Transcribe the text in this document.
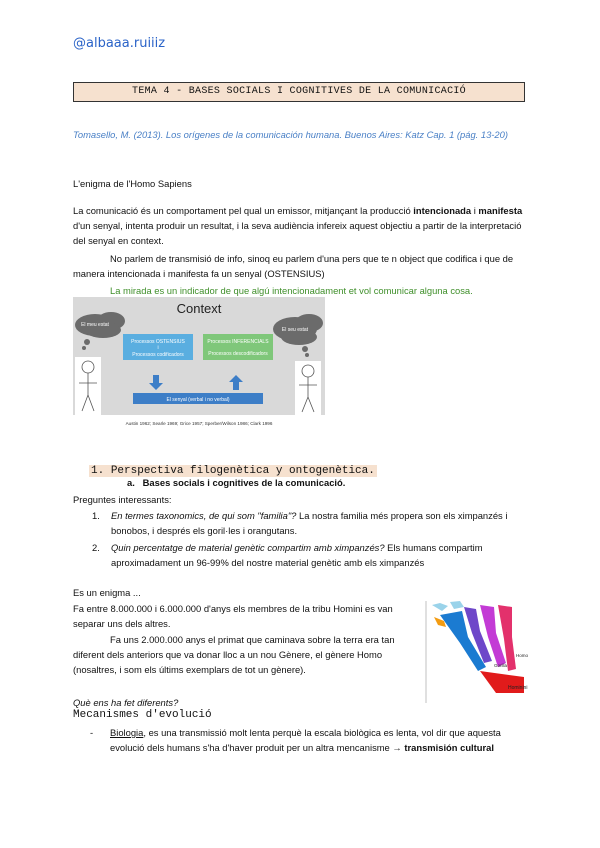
@albaaa.ruiiiz
TEMA 4 - BASES SOCIALS I COGNITIVES DE LA COMUNICACIÓ
Tomasello, M. (2013). Los orígenes de la comunicación humana. Buenos Aires: Katz Cap. 1 (pág. 13-20)
L'enigma de l'Homo Sapiens
La comunicació és un comportament pel qual un emissor, mitjançant la producció intencionada i manifesta d'un senyal, intenta produir un resultat, i la seva audiència infereix aquest objectiu a partir de la interpretació del senyal en context.
No parlem de transmisió de info, sinoq eu parlem d'una pers que te n object que codifica i que de manera intencionada i manifesta fa un senyal (OSTENSIUS)
La mirada es un indicador de que algú intencionadament et vol comunicar alguna cosa.
Context
El meu estat
El seu estat
Processos OSTENSIUS
i
Processos codificadors
Processos INFERENCIALS
Processos descodificadors
El senyal (verbal i no verbal)
Austin 1962; Searle 1969; Grice 1957; Sperber/Wilson 1986; Clark 1996
1. Perspectiva filogenètica y ontogenètica.
a. Bases socials i cognitives de la comunicació.
Preguntes interessants:
1. En termes taxonomics, de qui som "familia"? La nostra familia més propera son els ximpanzés i bonobos, i després els goril·les i orangutans.
2. Quin percentatge de material genètic compartim amb ximpanzés? Els humans compartim aproximadament un 96-99% del nostre material genètic amb els ximpanzés
Es un enigma ...
Fa entre 8.000.000 i 6.000.000 d'anys els membres de la tribu Homini es van separar uns dels altres.
Fa uns 2.000.000 anys el primat que caminava sobre la terra era tan diferent dels anteriors que va donar lloc a un nou Gènere, el gènere Homo (nosaltres, i som els últims exemplars de tot un gènere).
Hominini
Gorilla
Homo
Què ens ha fet diferents?
Mecanismes d'evolució
- Biologia, es una transmissió molt lenta perquè la escala biològica es lenta, vol dir que aquesta evolució dels humans s'ha d'haver produit per un altra mencanisme → transmisión cultural
